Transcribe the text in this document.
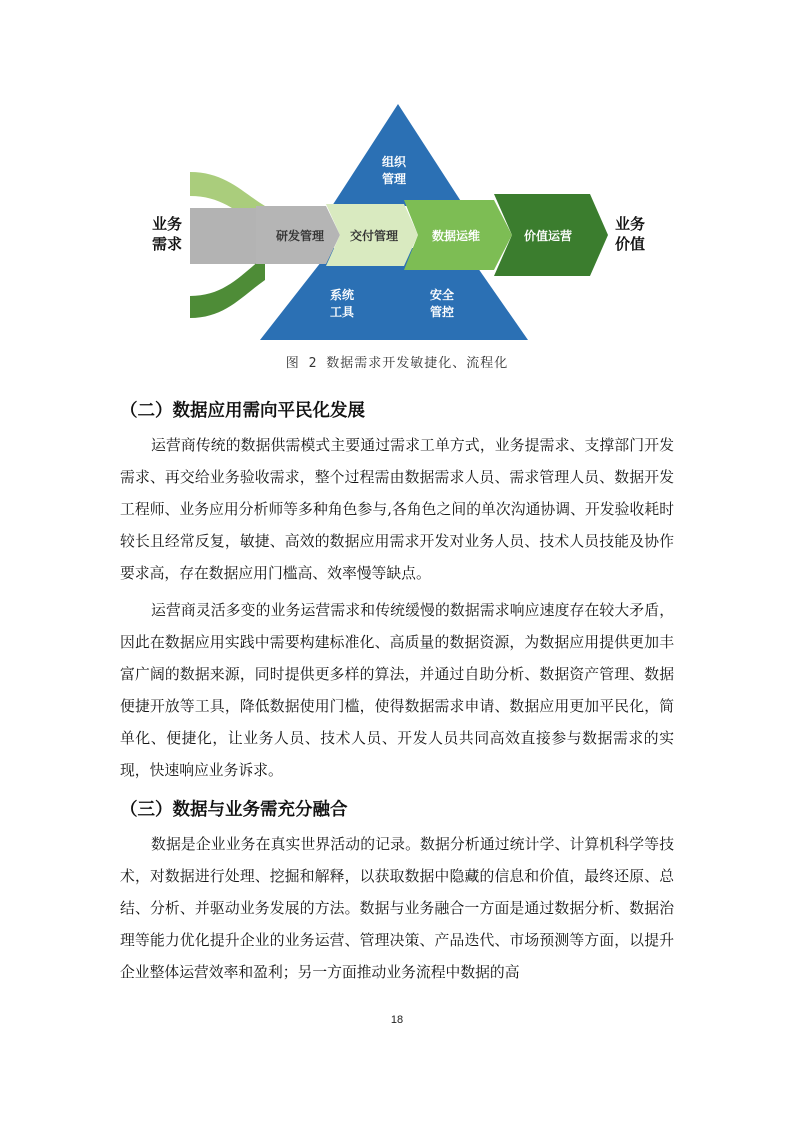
业务
需求
业务
价值
组织
管理
系统
工具
安全
管控
研发管理 交付管理	数据运维	价值运营
图 2 数据需求开发敏捷化、流程化
（二）数据应用需向平民化发展

运营商传统的数据供需模式主要通过需求工单方式，业务提需求、支撑部门开发需求、再交给业务验收需求，整个过程需由数据需求人员、需求管理人员、数据开发工程师、业务应用分析师等多种角色参与,各角色之间的单次沟通协调、开发验收耗时较长且经常反复，敏捷、高效的数据应用需求开发对业务人员、技术人员技能及协作要求高，存在数据应用门槛高、效率慢等缺点。

运营商灵活多变的业务运营需求和传统缓慢的数据需求响应速度存在较大矛盾，因此在数据应用实践中需要构建标准化、高质量的数据资源，为数据应用提供更加丰富广阔的数据来源，同时提供更多样的算法，并通过自助分析、数据资产管理、数据便捷开放等工具，降低数据使用门槛，使得数据需求申请、数据应用更加平民化，简单化、便捷化，让业务人员、技术人员、开发人员共同高效直接参与数据需求的实现，快速响应业务诉求。

（三）数据与业务需充分融合

数据是企业业务在真实世界活动的记录。数据分析通过统计学、计算机科学等技术，对数据进行处理、挖掘和解释，以获取数据中隐藏的信息和价值，最终还原、总结、分析、并驱动业务发展的方法。数据与业务融合一方面是通过数据分析、数据治理等能力优化提升企业的业务运营、管理决策、产品迭代、市场预测等方面，以提升企业整体运营效率和盈利；另一方面推动业务流程中数据的高

18
